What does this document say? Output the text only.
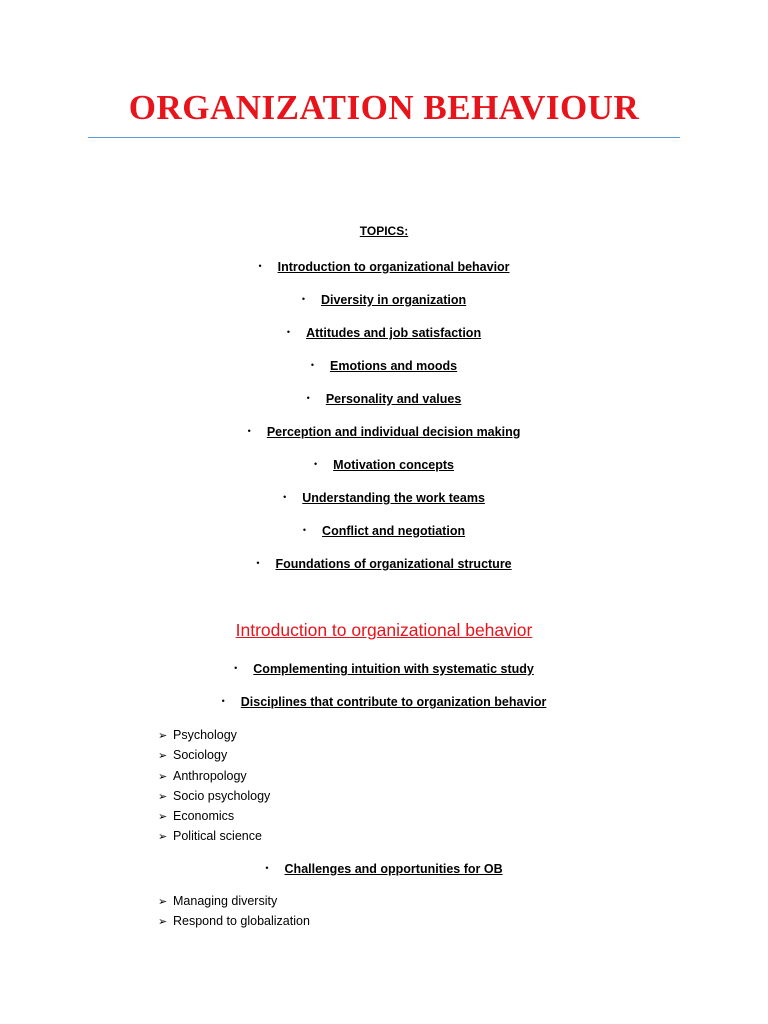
ORGANIZATION BEHAVIOUR
TOPICS:
• Introduction to organizational behavior
• Diversity in organization
• Attitudes and job satisfaction
• Emotions and moods
• Personality and values
• Perception and individual decision making
• Motivation concepts
• Understanding the work teams
• Conflict and negotiation
• Foundations of organizational structure
Introduction to organizational behavior
• Complementing intuition with systematic study
• Disciplines that contribute to organization behavior
➢ Psychology
➢ Sociology
➢ Anthropology
➢ Socio psychology
➢ Economics
➢ Political science
• Challenges and opportunities for OB
➢ Managing diversity
➢ Respond to globalization
